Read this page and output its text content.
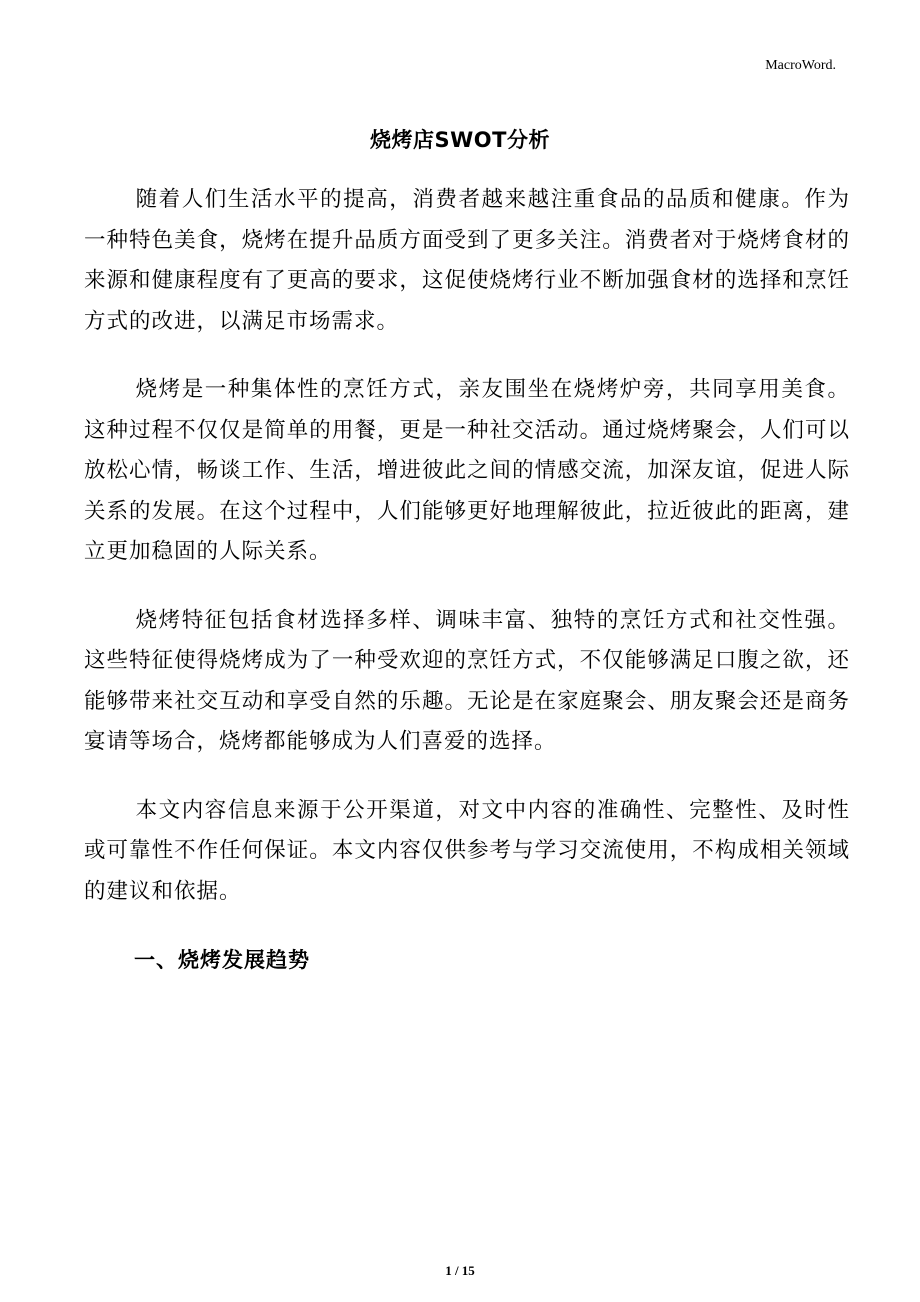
MacroWord.
烧烤店SWOT分析

随着人们生活水平的提高，消费者越来越注重食品的品质和健康。作为一种特色美食，烧烤在提升品质方面受到了更多关注。消费者对于烧烤食材的来源和健康程度有了更高的要求，这促使烧烤行业不断加强食材的选择和烹饪方式的改进，以满足市场需求。

烧烤是一种集体性的烹饪方式，亲友围坐在烧烤炉旁，共同享用美食。这种过程不仅仅是简单的用餐，更是一种社交活动。通过烧烤聚会，人们可以放松心情，畅谈工作、生活，增进彼此之间的情感交流，加深友谊，促进人际关系的发展。在这个过程中，人们能够更好地理解彼此，拉近彼此的距离，建立更加稳固的人际关系。

烧烤特征包括食材选择多样、调味丰富、独特的烹饪方式和社交性强。这些特征使得烧烤成为了一种受欢迎的烹饪方式，不仅能够满足口腹之欲，还能够带来社交互动和享受自然的乐趣。无论是在家庭聚会、朋友聚会还是商务宴请等场合，烧烤都能够成为人们喜爱的选择。

本文内容信息来源于公开渠道，对文中内容的准确性、完整性、及时性或可靠性不作任何保证。本文内容仅供参考与学习交流使用，不构成相关领域的建议和依据。

一、烧烤发展趋势
1 / 15
